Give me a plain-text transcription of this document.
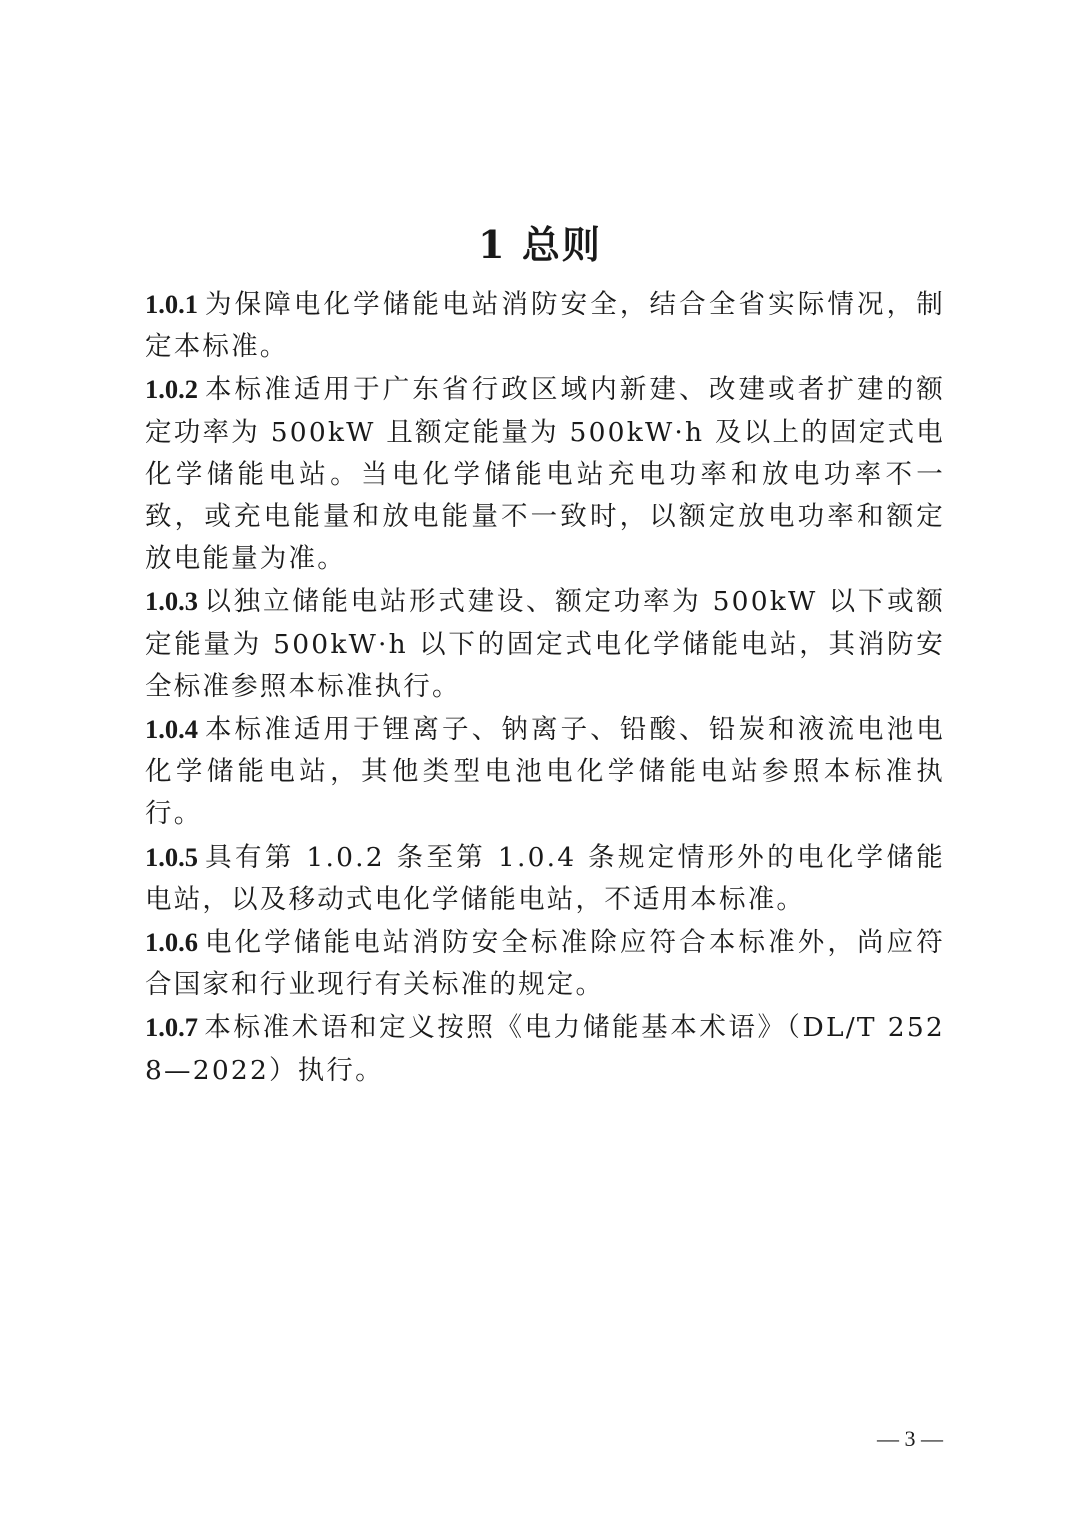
1 总则

1.0.1 为保障电化学储能电站消防安全，结合全省实际情况，制定本标准。

1.0.2 本标准适用于广东省行政区域内新建、改建或者扩建的额定功率为 500kW 且额定能量为 500kW·h 及以上的固定式电化学储能电站。当电化学储能电站充电功率和放电功率不一致，或充电能量和放电能量不一致时，以额定放电功率和额定放电能量为准。

1.0.3 以独立储能电站形式建设、额定功率为 500kW 以下或额定能量为 500kW·h 以下的固定式电化学储能电站，其消防安全标准参照本标准执行。

1.0.4 本标准适用于锂离子、钠离子、铅酸、铅炭和液流电池电化学储能电站，其他类型电池电化学储能电站参照本标准执行。

1.0.5 具有第 1.0.2 条至第 1.0.4 条规定情形外的电化学储能电站，以及移动式电化学储能电站，不适用本标准。

1.0.6 电化学储能电站消防安全标准除应符合本标准外，尚应符合国家和行业现行有关标准的规定。

1.0.7 本标准术语和定义按照《电力储能基本术语》（DL/T 2528—2022）执行。

— 3 —
